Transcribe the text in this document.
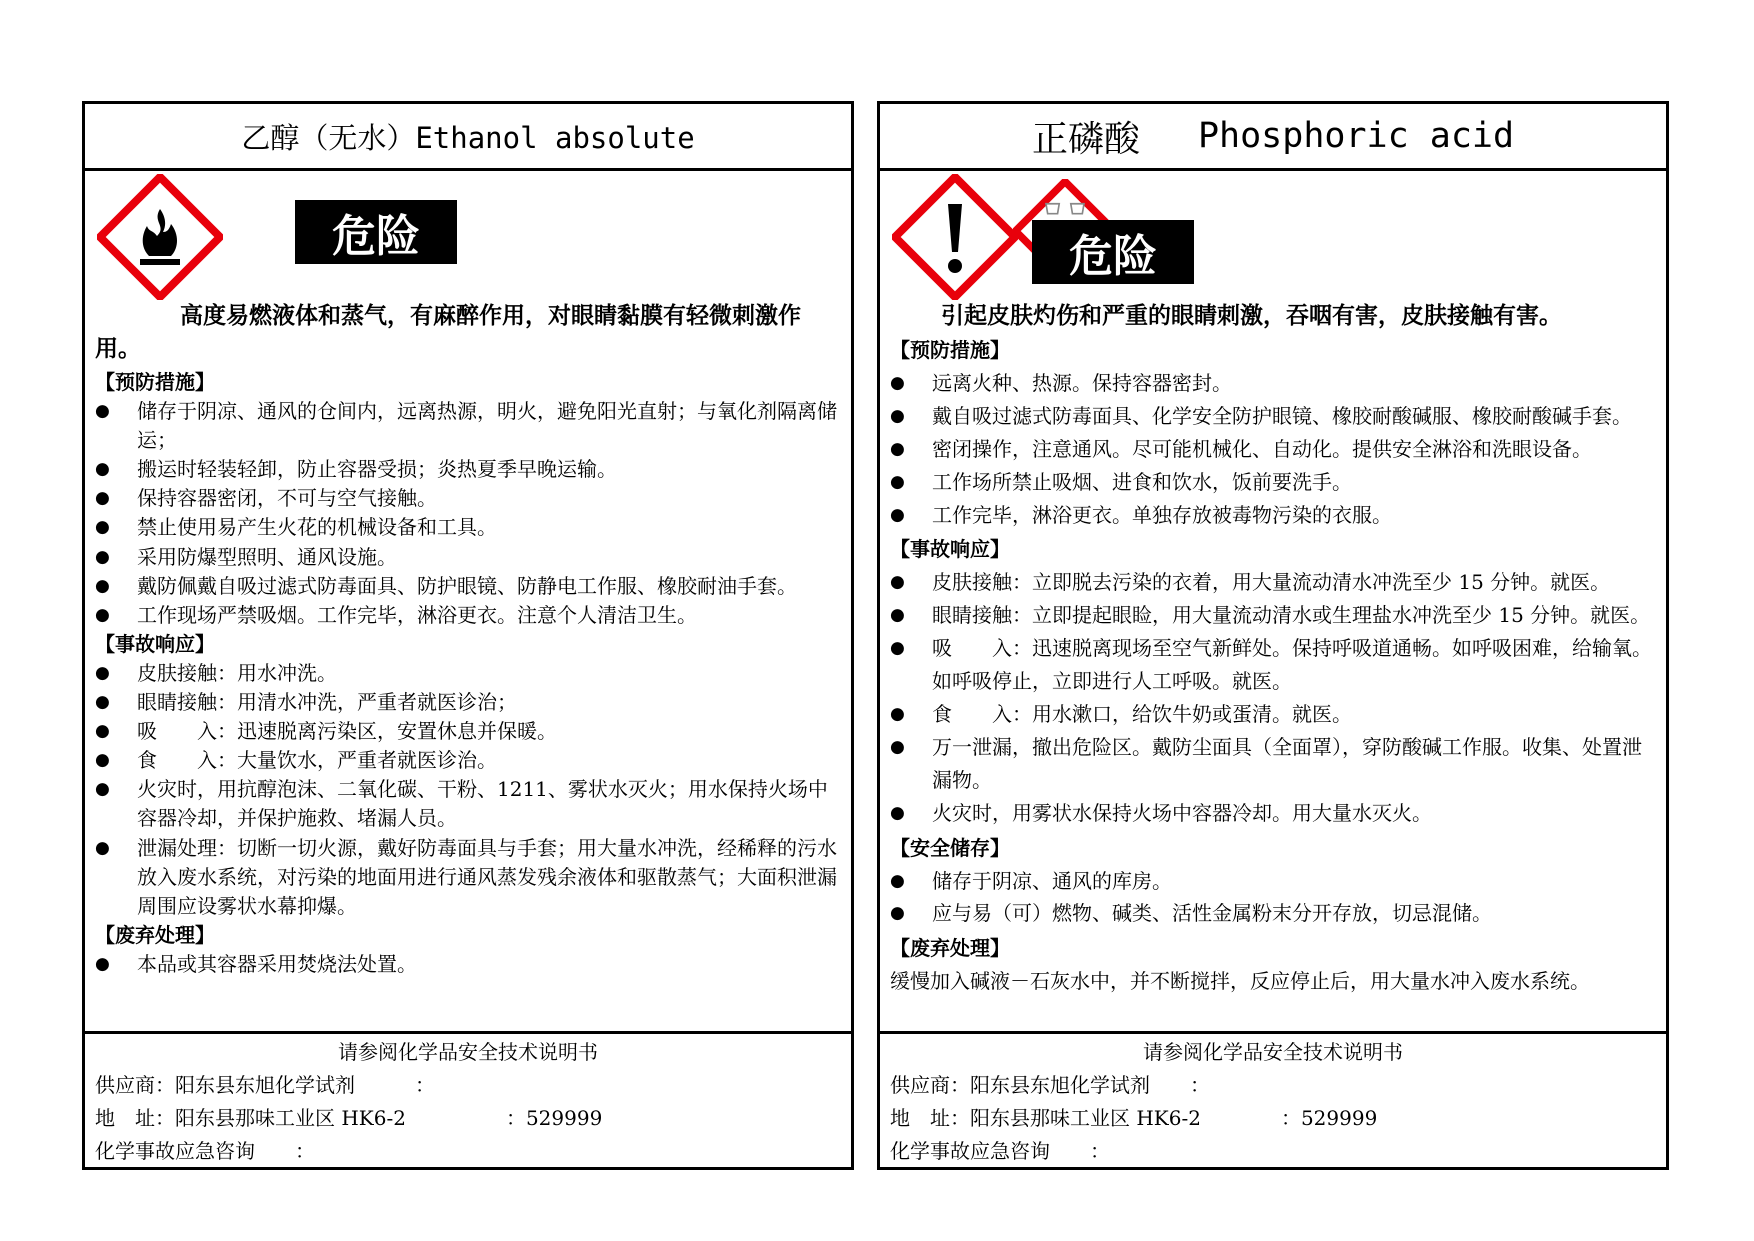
乙醇（无水）Ethanol absolute
危险
高度易燃液体和蒸气，有麻醉作用，对眼睛黏膜有轻微刺激作用。
【预防措施】
●	储存于阴凉、通风的仓间内，远离热源，明火，避免阳光直射；与氧化剂隔离储运；
●	搬运时轻装轻卸，防止容器受损；炎热夏季早晚运输。
●	保持容器密闭，不可与空气接触。
●	禁止使用易产生火花的机械设备和工具。
●	采用防爆型照明、通风设施。
●	戴防佩戴自吸过滤式防毒面具、防护眼镜、防静电工作服、橡胶耐油手套。
●	工作现场严禁吸烟。工作完毕，淋浴更衣。注意个人清洁卫生。
【事故响应】
●	皮肤接触：用水冲洗。
●	眼睛接触：用清水冲洗，严重者就医诊治；
●	吸　　入：迅速脱离污染区，安置休息并保暖。
●	食　　入：大量饮水，严重者就医诊治。
●	火灾时，用抗醇泡沫、二氧化碳、干粉、1211、雾状水灭火；用水保持火场中容器冷却，并保护施救、堵漏人员。
●	泄漏处理：切断一切火源，戴好防毒面具与手套；用大量水冲洗，经稀释的污水放入废水系统，对污染的地面用进行通风蒸发残余液体和驱散蒸气；大面积泄漏周围应设雾状水幕抑爆。
【废弃处理】
●	本品或其容器采用焚烧法处置。
请参阅化学品安全技术说明书
供应商：阳东县东旭化学试剂　　　：
地　址：阳东县那味工业区 HK6-2　　　　　：529999
化学事故应急咨询　　：
正磷酸 Phosphoric acid
危险
引起皮肤灼伤和严重的眼睛刺激，吞咽有害，皮肤接触有害。
【预防措施】
●	远离火种、热源。保持容器密封。
●	戴自吸过滤式防毒面具、化学安全防护眼镜、橡胶耐酸碱服、橡胶耐酸碱手套。
●	密闭操作，注意通风。尽可能机械化、自动化。提供安全淋浴和洗眼设备。
●	工作场所禁止吸烟、进食和饮水，饭前要洗手。
●	工作完毕，淋浴更衣。单独存放被毒物污染的衣服。
【事故响应】
●	皮肤接触：立即脱去污染的衣着，用大量流动清水冲洗至少 15 分钟。就医。
●	眼睛接触：立即提起眼睑，用大量流动清水或生理盐水冲洗至少 15 分钟。就医。
●	吸　　入：迅速脱离现场至空气新鲜处。保持呼吸道通畅。如呼吸困难，给输氧。如呼吸停止，立即进行人工呼吸。就医。
●	食　　入：用水漱口，给饮牛奶或蛋清。就医。
●	万一泄漏，撤出危险区。戴防尘面具（全面罩），穿防酸碱工作服。收集、处置泄漏物。
●	火灾时，用雾状水保持火场中容器冷却。用大量水灭火。
【安全储存】
●	储存于阴凉、通风的库房。
●	应与易（可）燃物、碱类、活性金属粉末分开存放，切忌混储。
【废弃处理】
缓慢加入碱液－石灰水中，并不断搅拌，反应停止后，用大量水冲入废水系统。
请参阅化学品安全技术说明书
供应商：阳东县东旭化学试剂　　：
地　址：阳东县那味工业区 HK6-2　　　　：529999
化学事故应急咨询　　：
